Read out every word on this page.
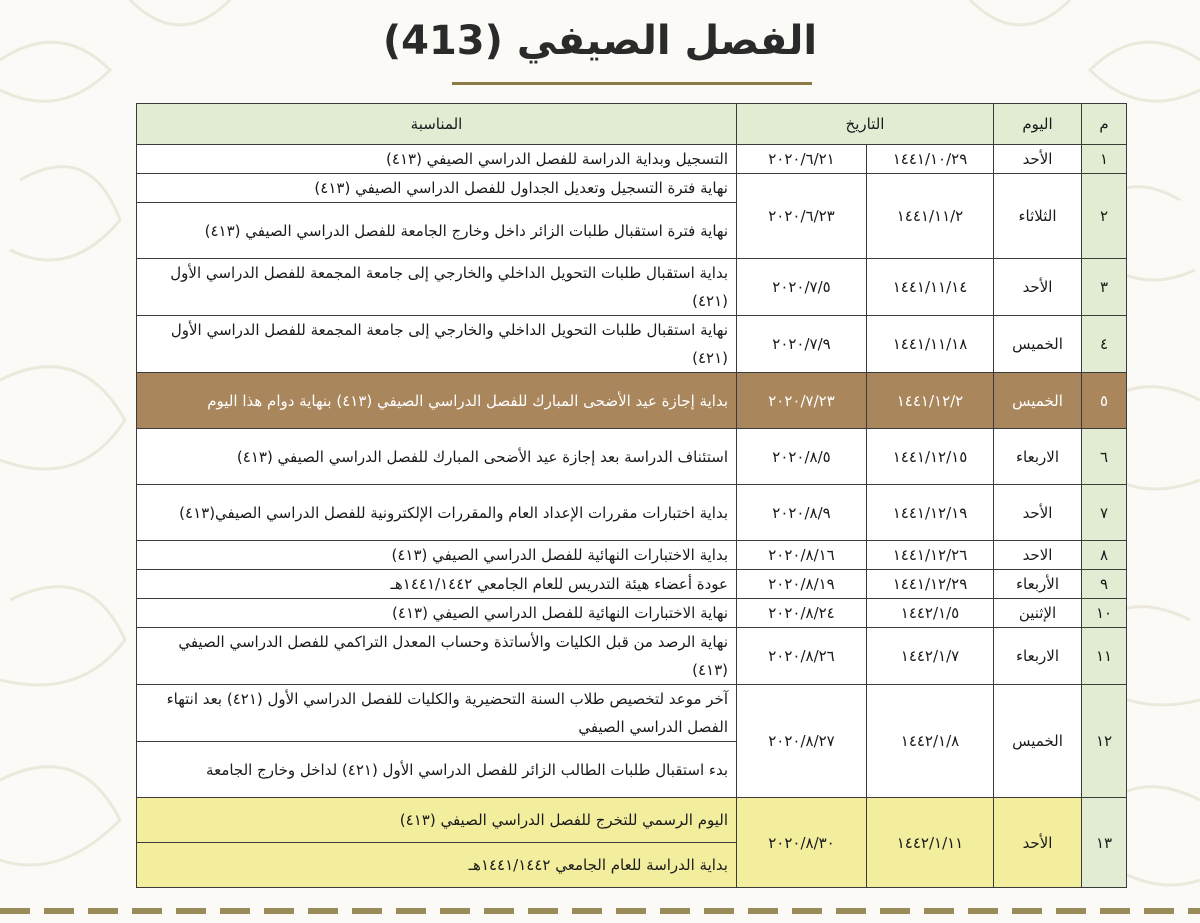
الفصل الصيفي (413)
م	اليوم	التاريخ		المناسبة
١	الأحد	١٤٤١/١٠/٢٩	٢٠٢٠/٦/٢١	التسجيل وبداية الدراسة للفصل الدراسي الصيفي (٤١٣)
٢	الثلاثاء	١٤٤١/١١/٢	٢٠٢٠/٦/٢٣	نهاية فترة التسجيل وتعديل الجداول للفصل الدراسي الصيفي (٤١٣)
				نهاية فترة استقبال طلبات الزائر داخل وخارج الجامعة للفصل الدراسي الصيفي (٤١٣)
٣	الأحد	١٤٤١/١١/١٤	٢٠٢٠/٧/٥	بداية استقبال طلبات التحويل الداخلي والخارجي إلى جامعة المجمعة للفصل الدراسي الأول (٤٢١)
٤	الخميس	١٤٤١/١١/١٨	٢٠٢٠/٧/٩	نهاية استقبال طلبات التحويل الداخلي والخارجي إلى جامعة المجمعة للفصل الدراسي الأول (٤٢١)
٥	الخميس	١٤٤١/١٢/٢	٢٠٢٠/٧/٢٣	بداية إجازة عيد الأضحى المبارك للفصل الدراسي الصيفي (٤١٣) بنهاية دوام هذا اليوم
٦	الاربعاء	١٤٤١/١٢/١٥	٢٠٢٠/٨/٥	استئناف الدراسة بعد إجازة عيد الأضحى المبارك للفصل الدراسي الصيفي (٤١٣)
٧	الأحد	١٤٤١/١٢/١٩	٢٠٢٠/٨/٩	بداية اختبارات مقررات الإعداد العام والمقررات الإلكترونية للفصل الدراسي الصيفي(٤١٣)
٨	الاحد	١٤٤١/١٢/٢٦	٢٠٢٠/٨/١٦	بداية الاختبارات النهائية للفصل الدراسي الصيفي (٤١٣)
٩	الأربعاء	١٤٤١/١٢/٢٩	٢٠٢٠/٨/١٩	عودة أعضاء هيئة التدريس للعام الجامعي ١٤٤١/١٤٤٢هـ
١٠	الإثنين	١٤٤٢/١/٥	٢٠٢٠/٨/٢٤	نهاية الاختبارات النهائية للفصل الدراسي الصيفي (٤١٣)
١١	الاربعاء	١٤٤٢/١/٧	٢٠٢٠/٨/٢٦	نهاية الرصد من قبل الكليات والأساتذة وحساب المعدل التراكمي للفصل الدراسي الصيفي (٤١٣)
١٢	الخميس	١٤٤٢/١/٨	٢٠٢٠/٨/٢٧	آخر موعد لتخصيص طلاب السنة التحضيرية والكليات للفصل الدراسي الأول (٤٢١) بعد انتهاء الفصل الدراسي الصيفي
				بدء استقبال طلبات الطالب الزائر للفصل الدراسي الأول (٤٢١) لداخل وخارج الجامعة
١٣	الأحد	١٤٤٢/١/١١	٢٠٢٠/٨/٣٠	اليوم الرسمي للتخرج للفصل الدراسي الصيفي (٤١٣)
				بداية الدراسة للعام الجامعي ١٤٤١/١٤٤٢هـ
